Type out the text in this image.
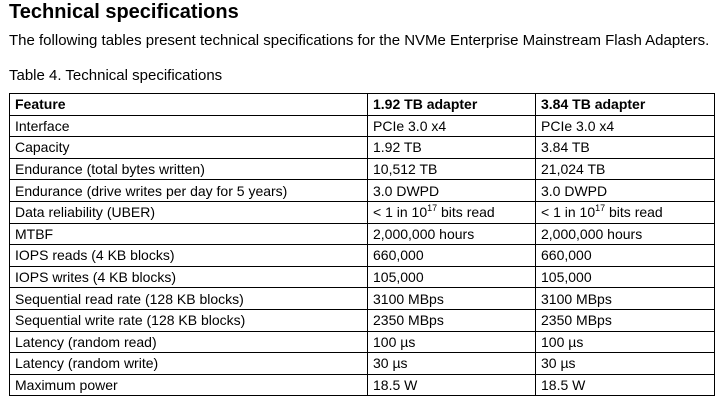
Technical specifications
The following tables present technical specifications for the NVMe Enterprise Mainstream Flash Adapters.
Table 4. Technical specifications
Feature	1.92 TB adapter	3.84 TB adapter
Interface	PCIe 3.0 x4	PCIe 3.0 x4
Capacity	1.92 TB	3.84 TB
Endurance (total bytes written)	10,512 TB	21,024 TB
Endurance (drive writes per day for 5 years)	3.0 DWPD	3.0 DWPD
Data reliability (UBER)	< 1 in $10^{17}$ bits read	< 1 in $10^{17}$ bits read
MTBF	2,000,000 hours	2,000,000 hours
IOPS reads (4 KB blocks)	660,000	660,000
IOPS writes (4 KB blocks)	105,000	105,000
Sequential read rate (128 KB blocks)	3100 MBps	3100 MBps
Sequential write rate (128 KB blocks)	2350 MBps	2350 MBps
Latency (random read)	100 µs	100 µs
Latency (random write)	30 µs	30 µs
Maximum power	18.5 W	18.5 W
